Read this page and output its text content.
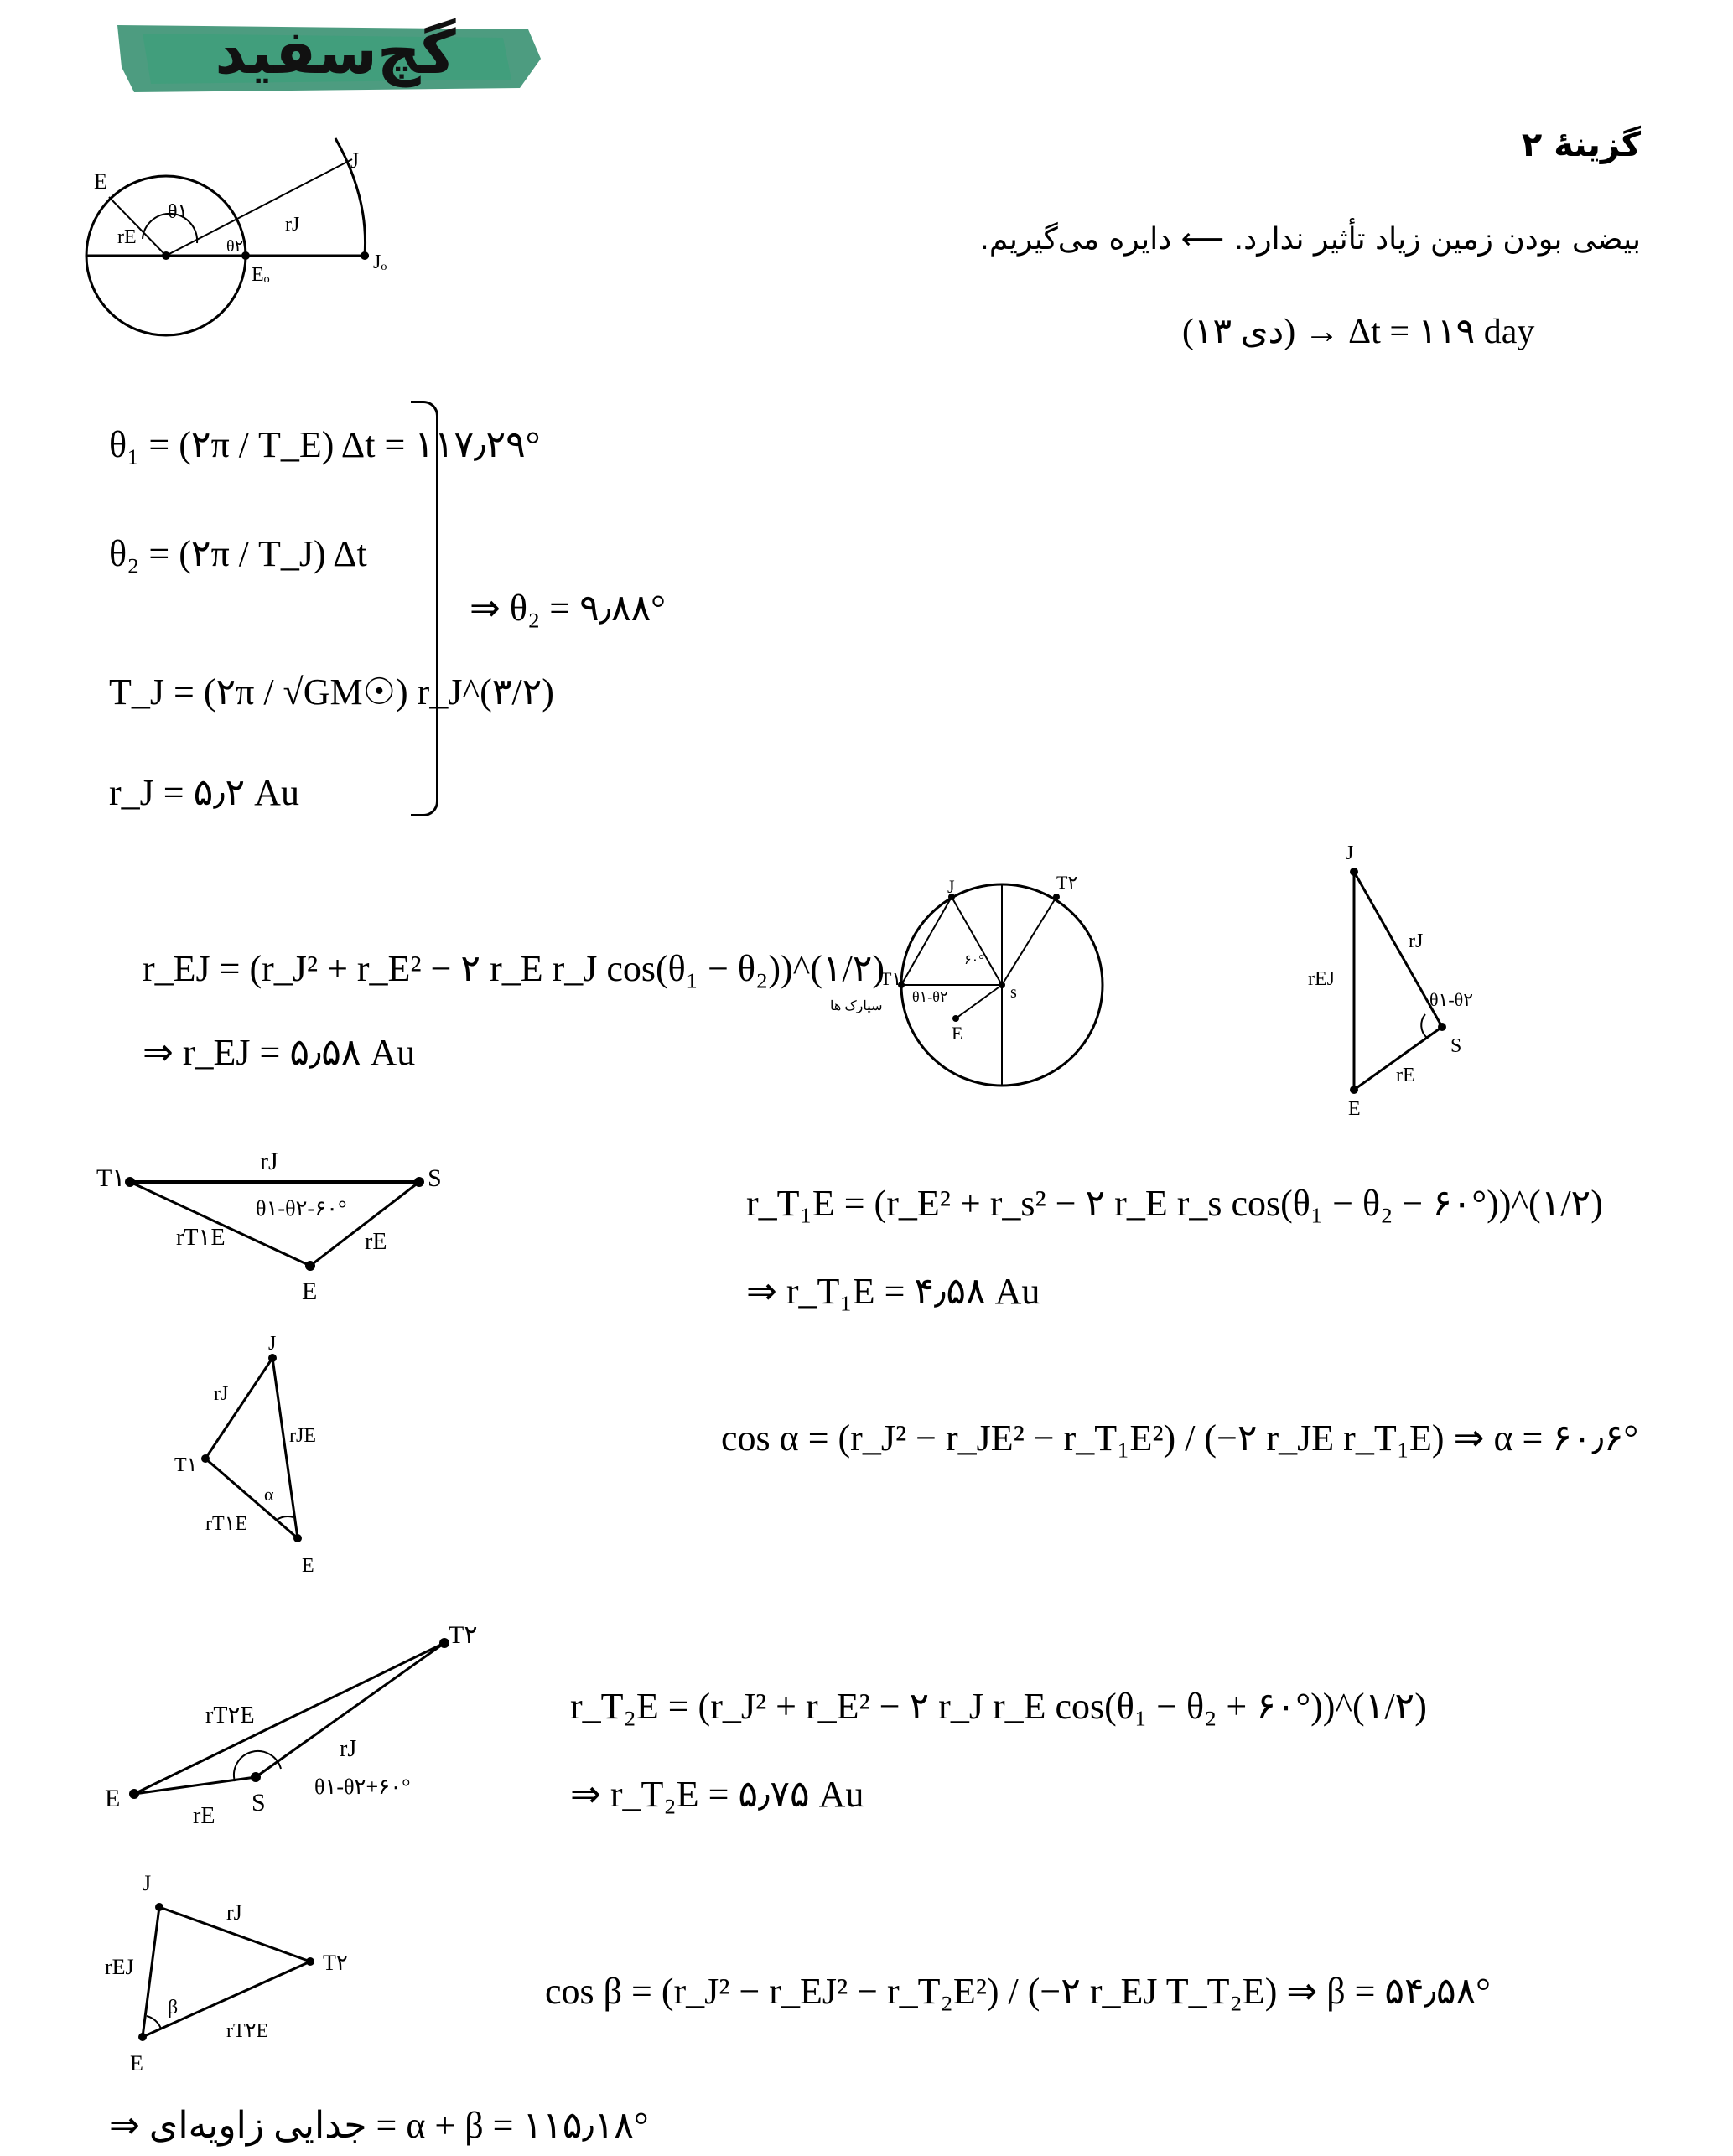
گچ‌سفید
گزینهٔ ۲
بیضی بودن زمین زیاد تأثیر ندارد. ⟵ دایره می‌گیریم.
(۱۳ دی) → Δt = ۱۱۹ day
E
J
rE
θ۱
rJ
θ۲
Eₒ
Jₒ
θ₁ = (۲π / T_E) Δt = ۱۱۷٫۲۹°
θ₂ = (۲π / T_J) Δt
T_J = (۲π / √GM☉) r_J^(۳/۲)
r_J = ۵٫۲ Au
⇒ θ₂ = ۹٫۸۸°
r_EJ = (r_J² + r_E² − ۲ r_E r_J cos(θ₁ − θ₂))^(۱/۲)
⇒ r_EJ = ۵٫۵۸ Au
J	T۲
T۱
s
E
θ۱-θ۲
۶۰°
سیارک ها
J
rEJ
rJ
θ۱-θ۲
S
rE
E
T۱	S
rJ
θ۱-θ۲-۶۰°
rT۱E	rE
E
r_T₁E = (r_E² + r_s² − ۲ r_E r_s cos(θ₁ − θ₂ − ۶۰°))^(۱/۲)
⇒ r_T₁E = ۴٫۵۸ Au
J
rJ
rJE
T۱
α
rT۱E
E
cos α = (r_J² − r_JE² − r_T₁E²) / (−۲ r_JE r_T₁E) ⇒ α = ۶۰٫۶°
E
T۲
rT۲E
rJ
θ۱-θ۲+۶۰°
rE S
r_T₂E = (r_J² + r_E² − ۲ r_J r_E cos(θ₁ − θ₂ + ۶۰°))^(۱/۲)
⇒ r_T₂E = ۵٫۷۵ Au
J
rJ
rEJ	T۲
β
rT۲E
E
cos β = (r_J² − r_EJ² − r_T₂E²) / (−۲ r_EJ T_T₂E) ⇒ β = ۵۴٫۵۸°
⇒ جدایی زاویه‌ای = α + β = ۱۱۵٫۱۸°
